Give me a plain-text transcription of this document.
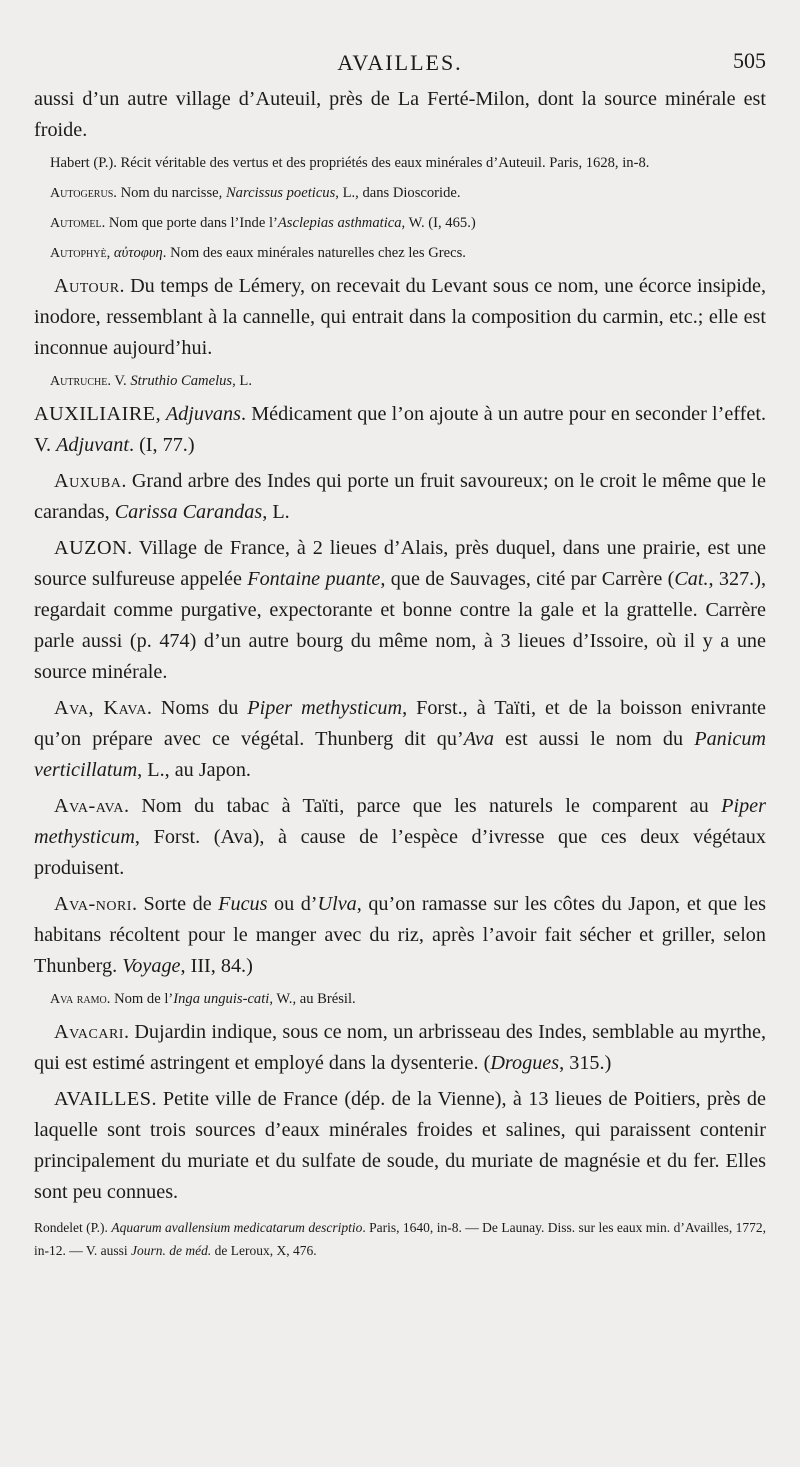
AVAILLES.	505

aussi d’un autre village d’Auteuil, près de La Ferté-Milon, dont la source minérale est froide.

Habert (P.). Récit véritable des vertus et des propriétés des eaux minérales d’Auteuil. Paris, 1628, in-8.

Autogerus. Nom du narcisse, Narcissus poeticus, L., dans Dioscoride.

Automel. Nom que porte dans l’Inde l’Asclepias asthmatica, W. (I, 465.)

Autophyè, αὐτοφυη. Nom des eaux minérales naturelles chez les Grecs.

Autour. Du temps de Lémery, on recevait du Levant sous ce nom, une écorce insipide, inodore, ressemblant à la cannelle, qui entrait dans la composition du carmin, etc.; elle est inconnue aujourd’hui.

Autruche. V. Struthio Camelus, L.

AUXILIAIRE, Adjuvans. Médicament que l’on ajoute à un autre pour en seconder l’effet. V. Adjuvant. (I, 77.)

Auxuba. Grand arbre des Indes qui porte un fruit savoureux; on le croit le même que le carandas, Carissa Carandas, L.

AUZON. Village de France, à 2 lieues d’Alais, près duquel, dans une prairie, est une source sulfureuse appelée Fontaine puante, que de Sauvages, cité par Carrère (Cat., 327.), regardait comme purgative, expectorante et bonne contre la gale et la grattelle. Carrère parle aussi (p. 474) d’un autre bourg du même nom, à 3 lieues d’Issoire, où il y a une source minérale.

Ava, Kava. Noms du Piper methysticum, Forst., à Taïti, et de la boisson enivrante qu’on prépare avec ce végétal. Thunberg dit qu’Ava est aussi le nom du Panicum verticillatum, L., au Japon.

Ava-ava. Nom du tabac à Taïti, parce que les naturels le comparent au Piper methysticum, Forst. (Ava), à cause de l’espèce d’ivresse que ces deux végétaux produisent.

Ava-nori. Sorte de Fucus ou d’Ulva, qu’on ramasse sur les côtes du Japon, et que les habitans récoltent pour le manger avec du riz, après l’avoir fait sécher et griller, selon Thunberg. Voyage, III, 84.)

Ava ramo. Nom de l’Inga unguis-cati, W., au Brésil.

Avacari. Dujardin indique, sous ce nom, un arbrisseau des Indes, semblable au myrthe, qui est estimé astringent et employé dans la dysenterie. (Drogues, 315.)

AVAILLES. Petite ville de France (dép. de la Vienne), à 13 lieues de Poitiers, près de laquelle sont trois sources d’eaux minérales froides et salines, qui paraissent contenir principalement du muriate et du sulfate de soude, du muriate de magnésie et du fer. Elles sont peu connues.

Rondelet (P.). Aquarum avallensium medicatarum descriptio. Paris, 1640, in-8. — De Launay. Diss. sur les eaux min. d’Availles, 1772, in-12. — V. aussi Journ. de méd. de Leroux, X, 476.
